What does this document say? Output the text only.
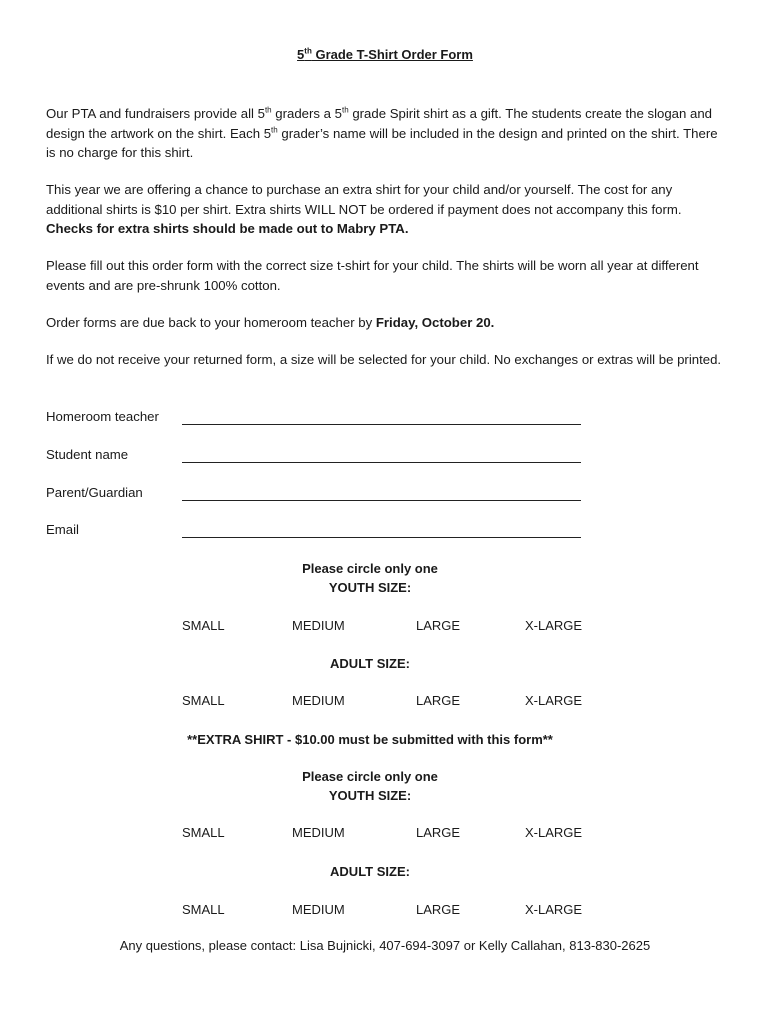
5th Grade T-Shirt Order Form
Our PTA and fundraisers provide all 5th graders a 5th grade Spirit shirt as a gift. The students create the slogan and design the artwork on the shirt. Each 5th grader’s name will be included in the design and printed on the shirt. There is no charge for this shirt.
This year we are offering a chance to purchase an extra shirt for your child and/or yourself. The cost for any additional shirts is $10 per shirt. Extra shirts WILL NOT be ordered if payment does not accompany this form. Checks for extra shirts should be made out to Mabry PTA.
Please fill out this order form with the correct size t-shirt for your child. The shirts will be worn all year at different events and are pre-shrunk 100% cotton.
Order forms are due back to your homeroom teacher by Friday, October 20.
If we do not receive your returned form, a size will be selected for your child. No exchanges or extras will be printed.
Homeroom teacher
Student name
Parent/Guardian
Email
Please circle only one
YOUTH SIZE:
SMALL	MEDIUM	LARGE	X-LARGE
ADULT SIZE:
SMALL	MEDIUM	LARGE	X-LARGE
**EXTRA SHIRT - $10.00 must be submitted with this form**
Please circle only one
YOUTH SIZE:
SMALL	MEDIUM	LARGE	X-LARGE
ADULT SIZE:
SMALL	MEDIUM	LARGE	X-LARGE
Any questions, please contact: Lisa Bujnicki, 407-694-3097 or Kelly Callahan, 813-830-2625
